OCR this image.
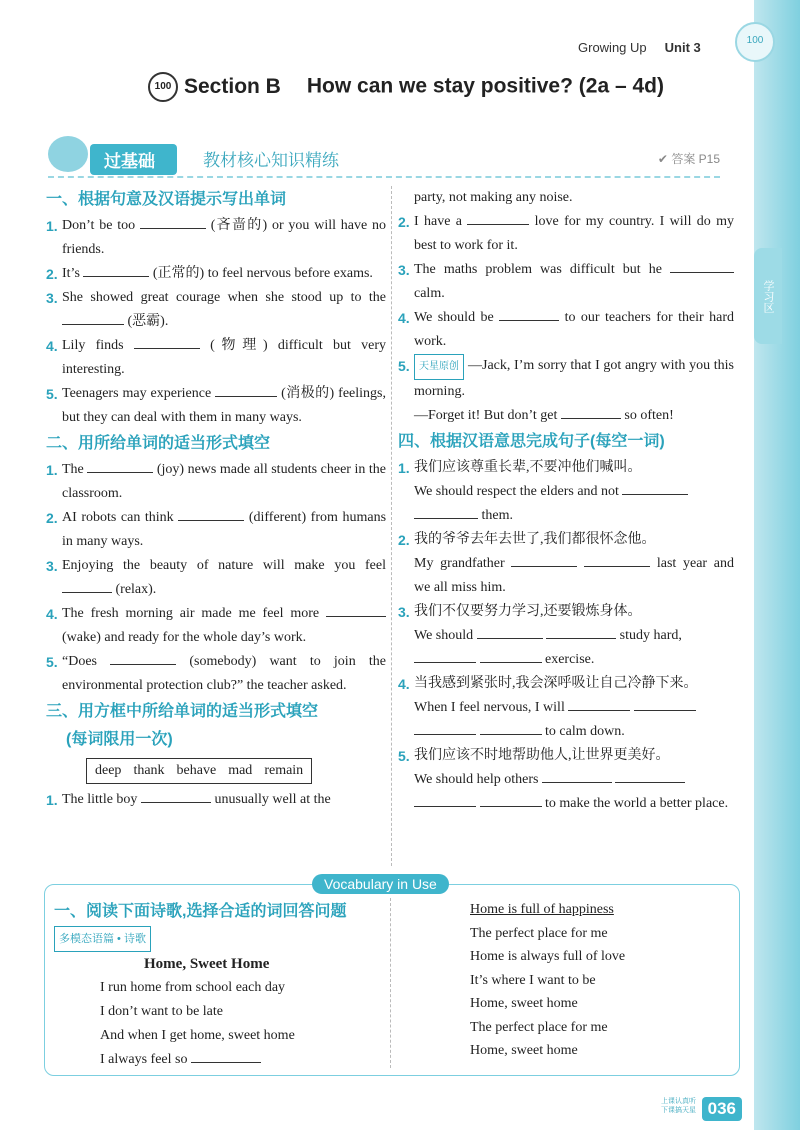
学习区
Growing Up Unit 3	100
100 Section B How can we stay positive? (2a – 4d)
过基础	教材核心知识精练	✔ 答案 P15
一、根据句意及汉语提示写出单词
1. Don’t be too	(吝啬的) or you will have no friends.
2. It’s	(正常的) to feel nervous before exams.
3. She showed great courage when she stood up to the  (恶霸).
4. Lily finds	(物理) difficult but very interesting.
5. Teenagers may experience	(消极的) feelings, but they can deal with them in many ways.
二、用所给单词的适当形式填空
1. The	(joy) news made all students cheer in the classroom.
2. AI robots can think	(different) from humans in many ways.
3. Enjoying the beauty of nature will make you feel  (relax).
4. The fresh morning air made me feel more  (wake) and ready for the whole day’s work.
5. “Does	(somebody) want to join the environmental protection club?” the teacher asked.
三、用方框中所给单词的适当形式填空
(每词限用一次)
deep thank behave mad remain
1. The little boy	unusually well at the
party, not making any noise.
2. I have a	love for my country. I will do my best to work for it.
3. The maths problem was difficult but he  calm.
4. We should be	to our teachers for their hard work.
5. 天星原创 —Jack, I’m sorry that I got angry with you this morning.
—Forget it! But don’t get	so often!
四、根据汉语意思完成句子(每空一词)
1. 我们应该尊重长辈,不要冲他们喊叫。
We should respect the elders and not
them.
2. 我的爷爷去年去世了,我们都很怀念他。
My grandfather	last year and we all miss him.
3. 我们不仅要努力学习,还要锻炼身体。
We should	study hard,
exercise.
4. 当我感到紧张时,我会深呼吸让自己冷静下来。
When I feel nervous, I will
to calm down.
5. 我们应该不时地帮助他人,让世界更美好。
We should help others
to make the world a better place.
Vocabulary in Use
一、阅读下面诗歌,选择合适的词回答问题
多模态语篇 • 诗歌
Home, Sweet Home
I run home from school each day
I don’t want to be late
And when I get home, sweet home
I always feel so
Home is full of happiness
The perfect place for me
Home is always full of love
It’s where I want to be
Home, sweet home
The perfect place for me
Home, sweet home
上课认真听
下课搞天星 036
